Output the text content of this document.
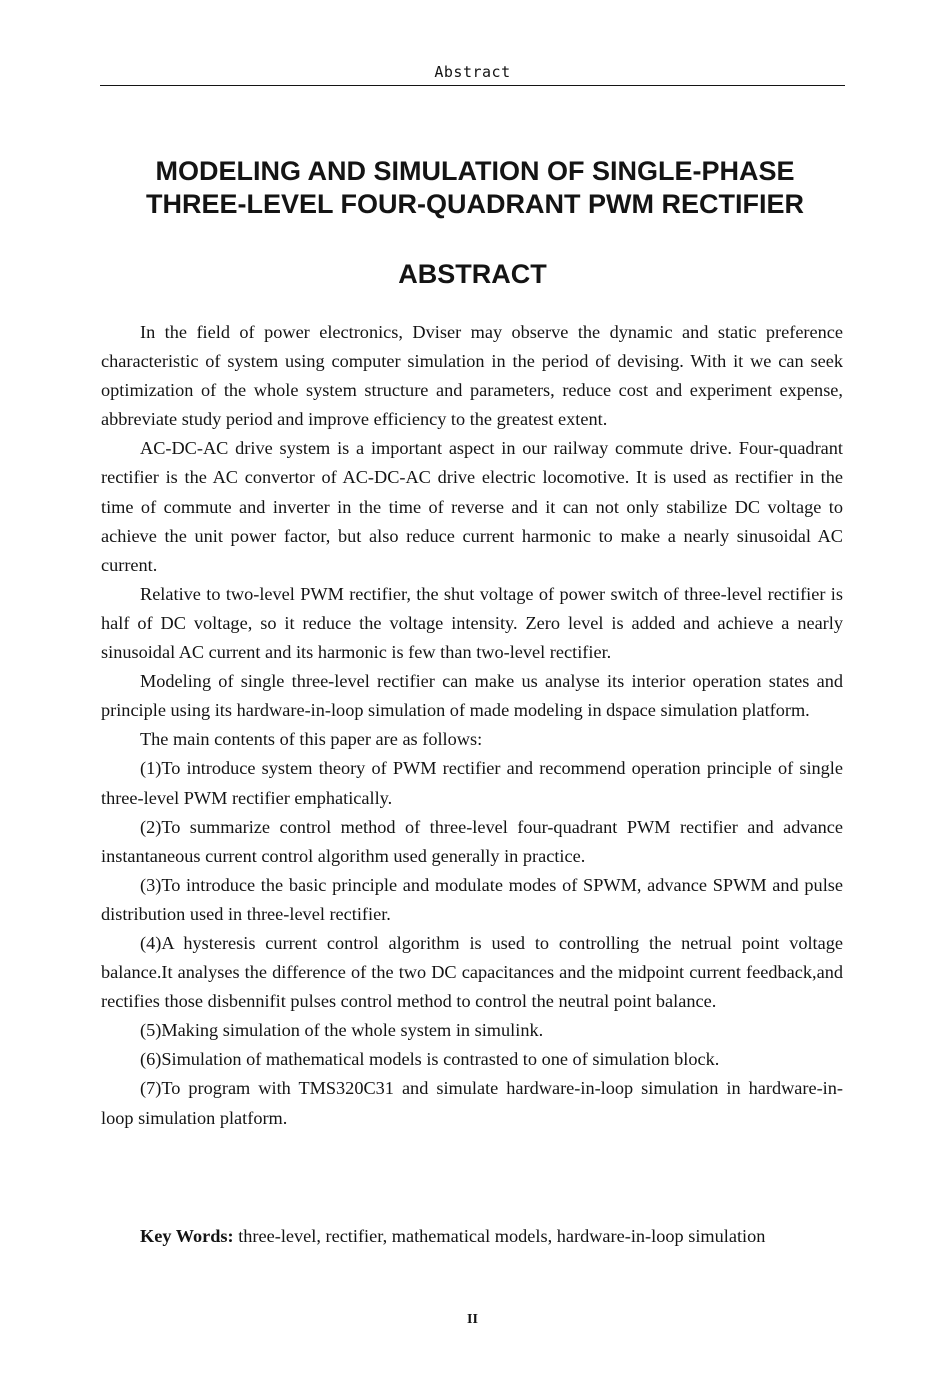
Abstract
MODELING AND SIMULATION OF SINGLE-PHASE
THREE-LEVEL FOUR-QUADRANT PWM RECTIFIER
ABSTRACT

In the field of power electronics, Dviser may observe the dynamic and static preference characteristic of system using computer simulation in the period of devising. With it we can seek optimization of the whole system structure and parameters, reduce cost and experiment expense, abbreviate study period and improve efficiency to the greatest extent.

AC-DC-AC drive system is a important aspect in our railway commute drive. Four-quadrant rectifier is the AC convertor of AC-DC-AC drive electric locomotive. It is used as rectifier in the time of commute and inverter in the time of reverse and it can not only stabilize DC voltage to achieve the unit power factor, but also reduce current harmonic to make a nearly sinusoidal AC current.

Relative to two-level PWM rectifier, the shut voltage of power switch of three-level rectifier is half of DC voltage, so it reduce the voltage intensity. Zero level is added and achieve a nearly sinusoidal AC current and its harmonic is few than two-level rectifier.

Modeling of single three-level rectifier can make us analyse its interior operation states and principle using its hardware-in-loop simulation of made modeling in dspace simulation platform.

The main contents of this paper are as follows:

(1)To introduce system theory of PWM rectifier and recommend operation principle of single three-level PWM rectifier emphatically.

(2)To summarize control method of three-level four-quadrant PWM rectifier and advance instantaneous current control algorithm used generally in practice.

(3)To introduce the basic principle and modulate modes of SPWM, advance SPWM and pulse distribution used in three-level rectifier.

(4)A hysteresis current control algorithm is used to controlling the netrual point voltage balance.It analyses the difference of the two DC capacitances and the midpoint current feedback,and rectifies those disbennifit pulses control method to control the neutral point balance.

(5)Making simulation of the whole system in simulink.

(6)Simulation of mathematical models is contrasted to one of simulation block.

(7)To program with TMS320C31 and simulate hardware-in-loop simulation in hardware-in-loop simulation platform.

Key Words: three-level, rectifier, mathematical models, hardware-in-loop simulation
II
